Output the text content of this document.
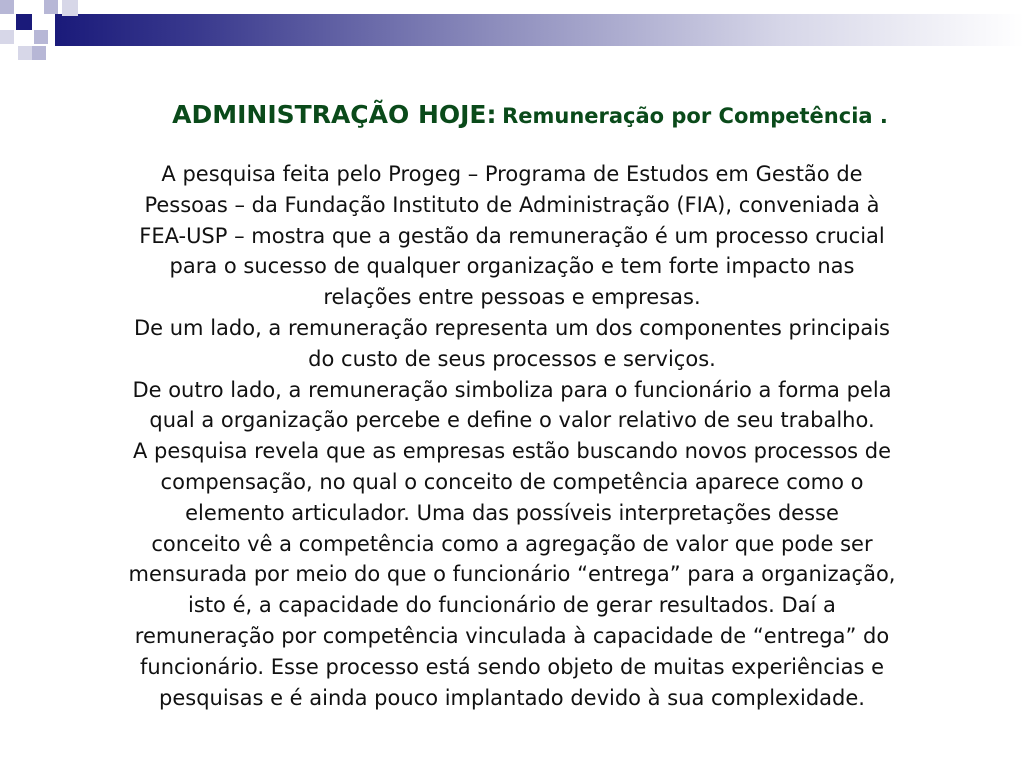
ADMINISTRAÇÃO HOJE: Remuneração por Competência .
A pesquisa feita pelo Progeg – Programa de Estudos em Gestão de
Pessoas – da Fundação Instituto de Administração (FIA), conveniada à
FEA-USP – mostra que a gestão da remuneração é um processo crucial
para o sucesso de qualquer organização e tem forte impacto nas
relações entre pessoas e empresas.
De um lado, a remuneração representa um dos componentes principais
do custo de seus processos e serviços.
De outro lado, a remuneração simboliza para o funcionário a forma pela
qual a organização percebe e define o valor relativo de seu trabalho.
A pesquisa revela que as empresas estão buscando novos processos de
compensação, no qual o conceito de competência aparece como o
elemento articulador. Uma das possíveis interpretações desse
conceito vê a competência como a agregação de valor que pode ser
mensurada por meio do que o funcionário “entrega” para a organização,
isto é, a capacidade do funcionário de gerar resultados. Daí a
remuneração por competência vinculada à capacidade de “entrega” do
funcionário. Esse processo está sendo objeto de muitas experiências e
pesquisas e é ainda pouco implantado devido à sua complexidade.
